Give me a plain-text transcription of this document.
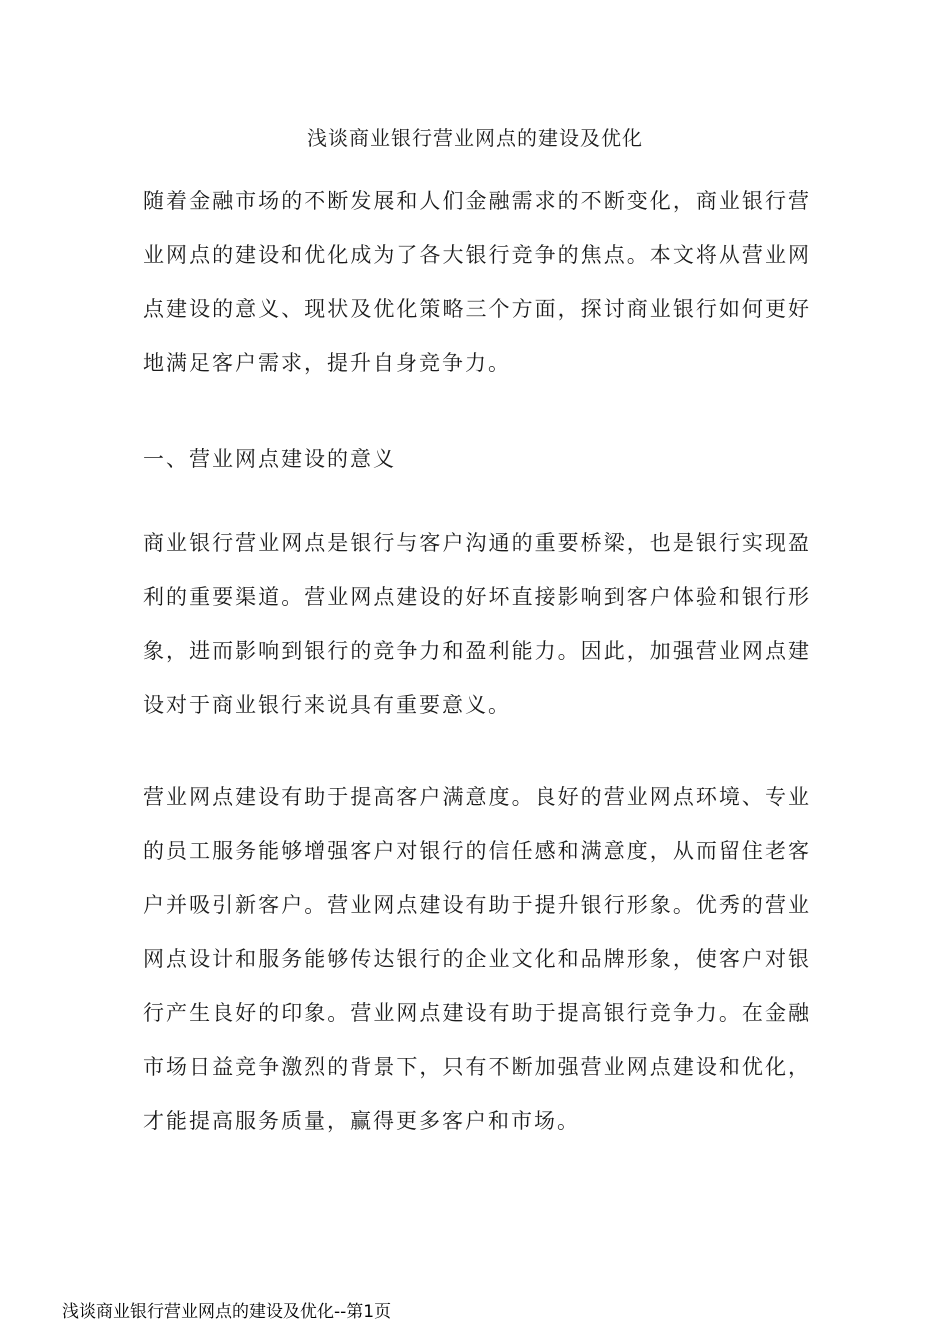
浅谈商业银行营业网点的建设及优化

随着金融市场的不断发展和人们金融需求的不断变化，商业银行营业网点的建设和优化成为了各大银行竞争的焦点。本文将从营业网点建设的意义、现状及优化策略三个方面，探讨商业银行如何更好地满足客户需求，提升自身竞争力。

一、营业网点建设的意义

商业银行营业网点是银行与客户沟通的重要桥梁，也是银行实现盈利的重要渠道。营业网点建设的好坏直接影响到客户体验和银行形象，进而影响到银行的竞争力和盈利能力。因此，加强营业网点建设对于商业银行来说具有重要意义。

营业网点建设有助于提高客户满意度。良好的营业网点环境、专业的员工服务能够增强客户对银行的信任感和满意度，从而留住老客户并吸引新客户。营业网点建设有助于提升银行形象。优秀的营业网点设计和服务能够传达银行的企业文化和品牌形象，使客户对银行产生良好的印象。营业网点建设有助于提高银行竞争力。在金融市场日益竞争激烈的背景下，只有不断加强营业网点建设和优化，才能提高服务质量，赢得更多客户和市场。

浅谈商业银行营业网点的建设及优化--第1页
